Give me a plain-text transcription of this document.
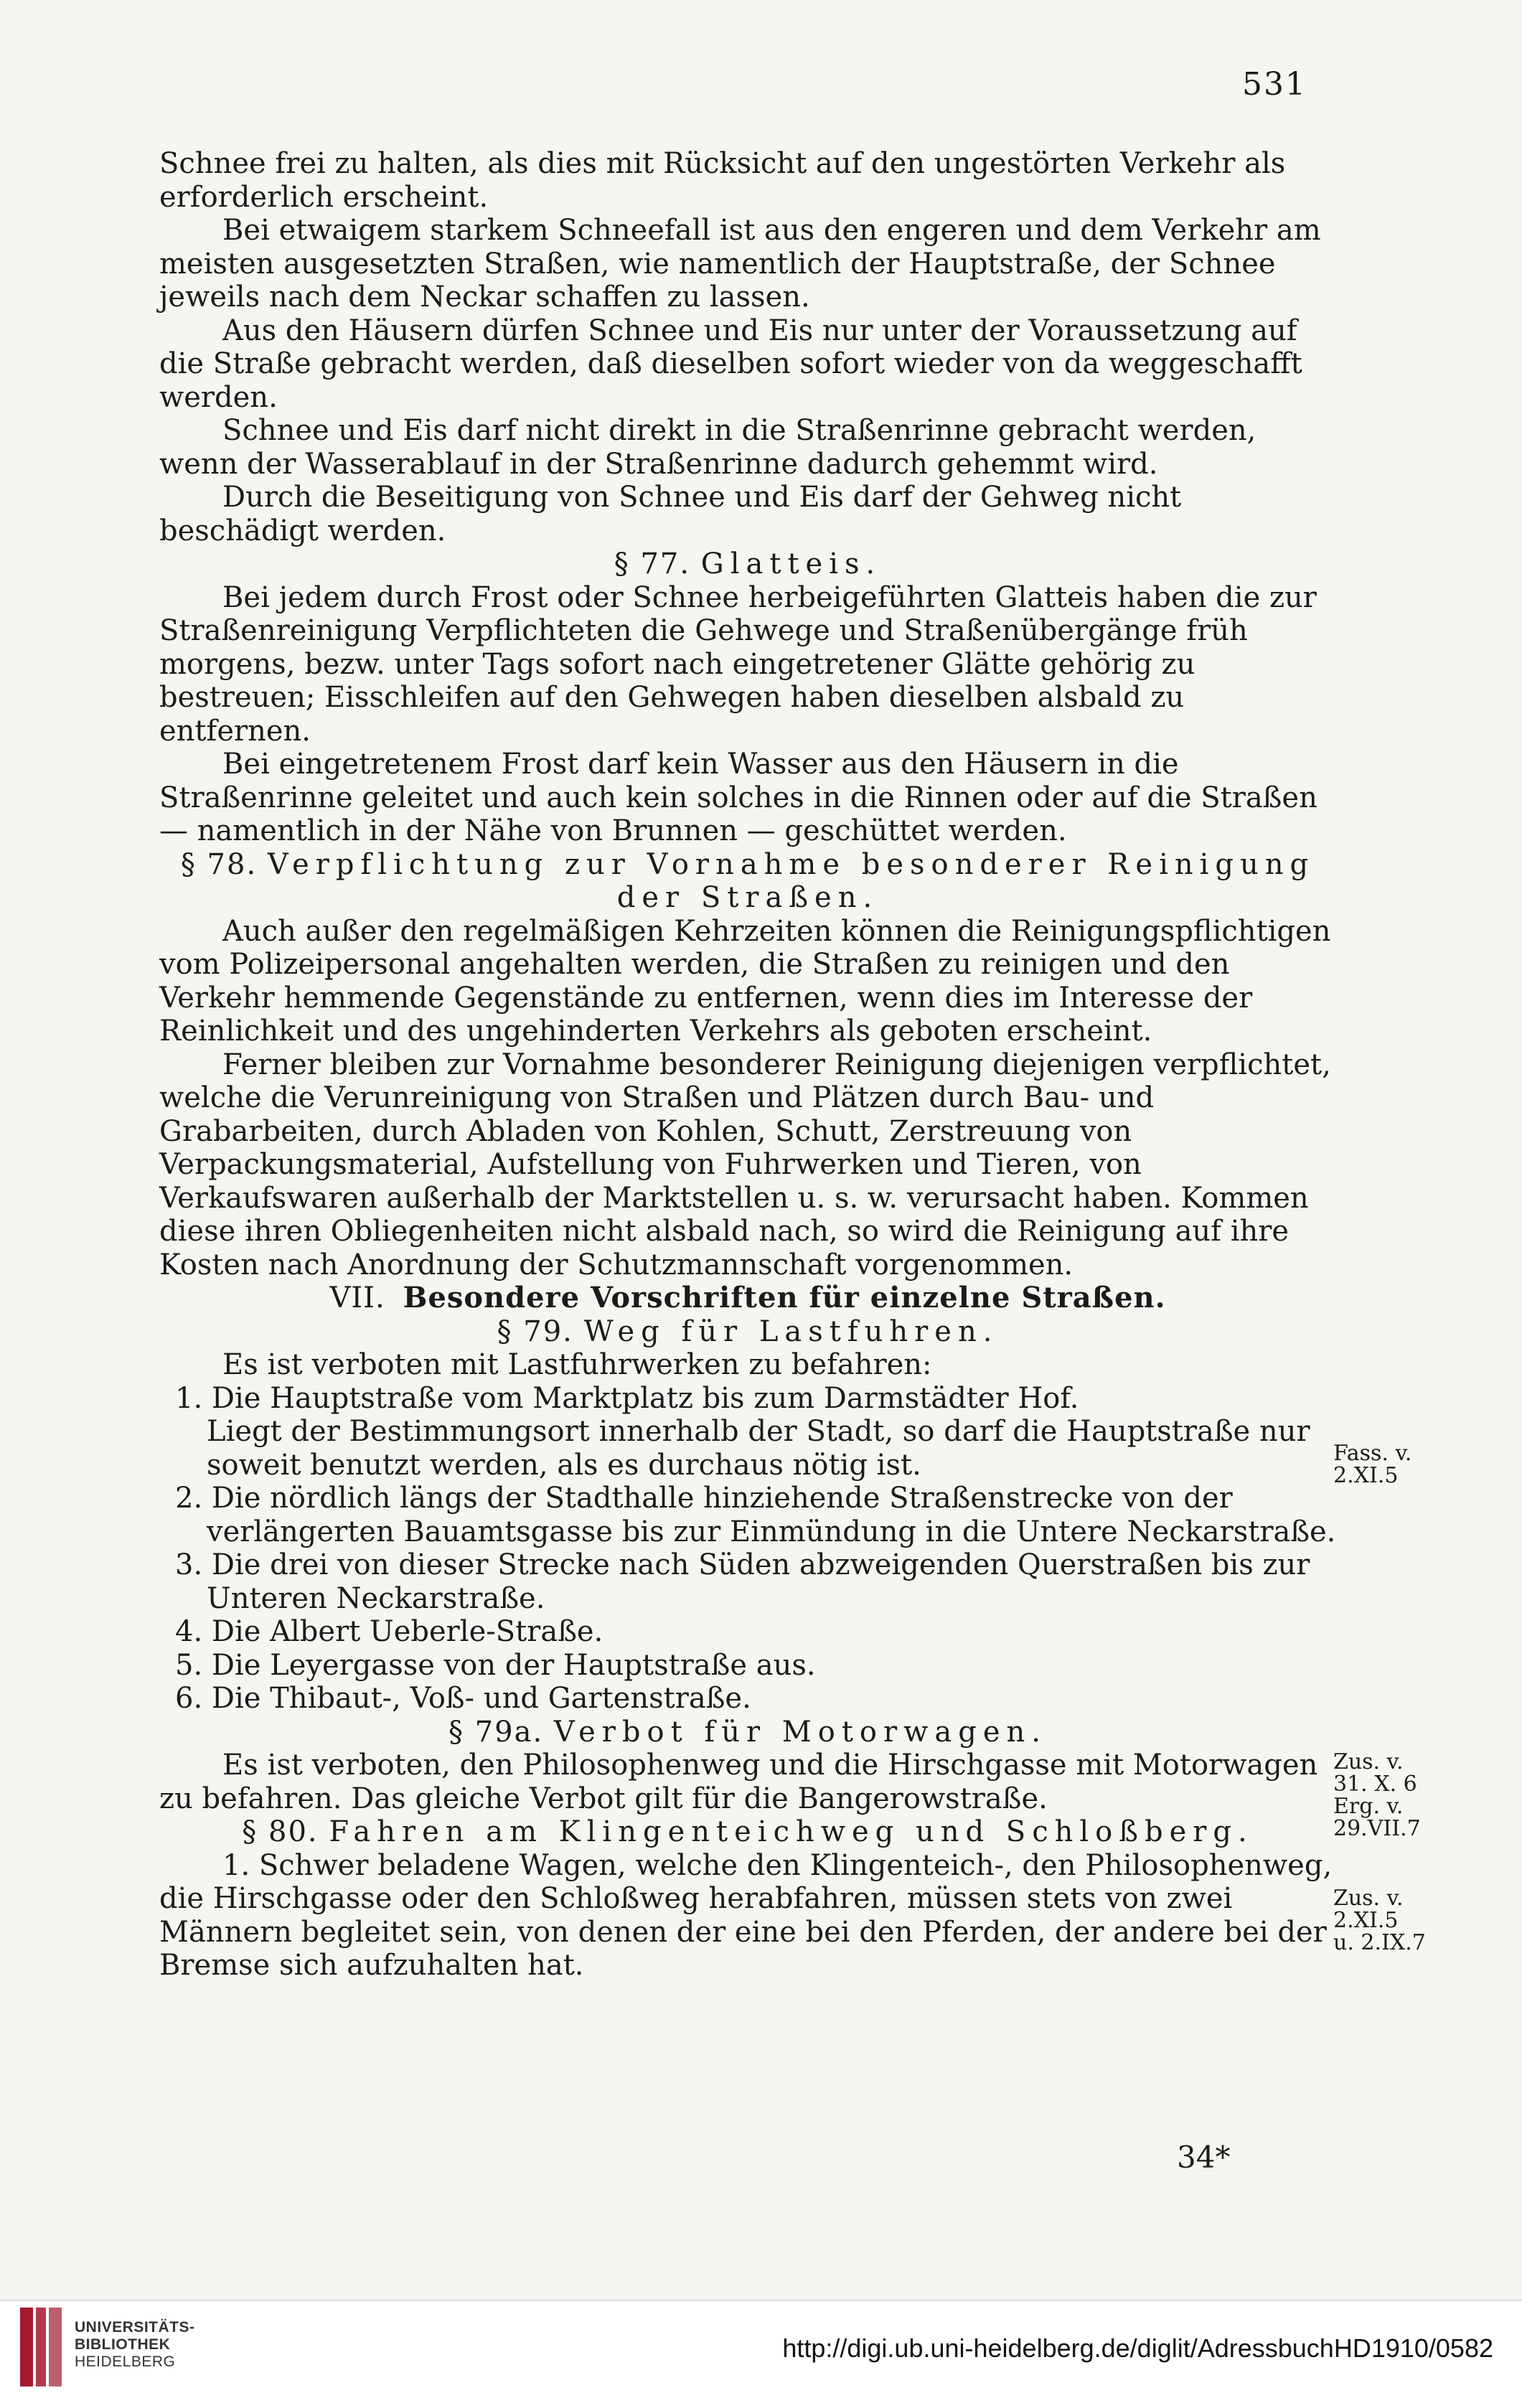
531

Schnee frei zu halten, als dies mit Rücksicht auf den ungestörten Verkehr als erforderlich erscheint.

Bei etwaigem starkem Schneefall ist aus den engeren und dem Verkehr am meisten ausgesetzten Straßen, wie namentlich der Hauptstraße, der Schnee jeweils nach dem Neckar schaffen zu lassen.

Aus den Häusern dürfen Schnee und Eis nur unter der Voraussetzung auf die Straße gebracht werden, daß dieselben sofort wieder von da weggeschafft werden.

Schnee und Eis darf nicht direkt in die Straßenrinne gebracht werden, wenn der Wasserablauf in der Straßenrinne dadurch gehemmt wird.

Durch die Beseitigung von Schnee und Eis darf der Gehweg nicht beschädigt werden.

§ 77. Glatteis.

Bei jedem durch Frost oder Schnee herbeigeführten Glatteis haben die zur Straßenreinigung Verpflichteten die Gehwege und Straßenübergänge früh morgens, bezw. unter Tags sofort nach eingetretener Glätte gehörig zu bestreuen; Eisschleifen auf den Gehwegen haben dieselben alsbald zu entfernen.

Bei eingetretenem Frost darf kein Wasser aus den Häusern in die Straßenrinne geleitet und auch kein solches in die Rinnen oder auf die Straßen — namentlich in der Nähe von Brunnen — geschüttet werden.

§ 78. Verpflichtung zur Vornahme besonderer Reinigung der Straßen.

Auch außer den regelmäßigen Kehrzeiten können die Reinigungspflichtigen vom Polizeipersonal angehalten werden, die Straßen zu reinigen und den Verkehr hemmende Gegenstände zu entfernen, wenn dies im Interesse der Reinlichkeit und des ungehinderten Verkehrs als geboten erscheint.

Ferner bleiben zur Vornahme besonderer Reinigung diejenigen verpflichtet, welche die Verunreinigung von Straßen und Plätzen durch Bau- und Grabarbeiten, durch Abladen von Kohlen, Schutt, Zerstreuung von Verpackungsmaterial, Aufstellung von Fuhrwerken und Tieren, von Verkaufswaren außerhalb der Marktstellen u. s. w. verursacht haben. Kommen diese ihren Obliegenheiten nicht alsbald nach, so wird die Reinigung auf ihre Kosten nach Anordnung der Schutzmannschaft vorgenommen.

VII. Besondere Vorschriften für einzelne Straßen.

§ 79. Weg für Lastfuhren.

Es ist verboten mit Lastfuhrwerken zu befahren:

1. Die Hauptstraße vom Marktplatz bis zum Darmstädter Hof.

Liegt der Bestimmungsort innerhalb der Stadt, so darf die Hauptstraße nur soweit benutzt werden, als es durchaus nötig ist.

2. Die nördlich längs der Stadthalle hinziehende Straßenstrecke von der verlängerten Bauamtsgasse bis zur Einmündung in die Untere Neckarstraße.

3. Die drei von dieser Strecke nach Süden abzweigenden Querstraßen bis zur Unteren Neckarstraße.

4. Die Albert Ueberle-Straße.

5. Die Leyergasse von der Hauptstraße aus.

6. Die Thibaut-, Voß- und Gartenstraße.

§ 79a. Verbot für Motorwagen.

Es ist verboten, den Philosophenweg und die Hirschgasse mit Motorwagen zu befahren. Das gleiche Verbot gilt für die Bangerowstraße.

§ 80. Fahren am Klingenteichweg und Schloßberg.

1. Schwer beladene Wagen, welche den Klingenteich-, den Philosophenweg, die Hirschgasse oder den Schloßweg herabfahren, müssen stets von zwei Männern begleitet sein, von denen der eine bei den Pferden, der andere bei der Bremse sich aufzuhalten hat.

Fass. v.
2.XI.5
Zus. v.
31. X. 6
Erg. v.
29.VII.7
Zus. v.
2.XI.5
u. 2.IX.7
34*
UNIVERSITÄTS-
BIBLIOTHEK
HEIDELBERG	http://digi.ub.uni-heidelberg.de/diglit/AdressbuchHD1910/0582
